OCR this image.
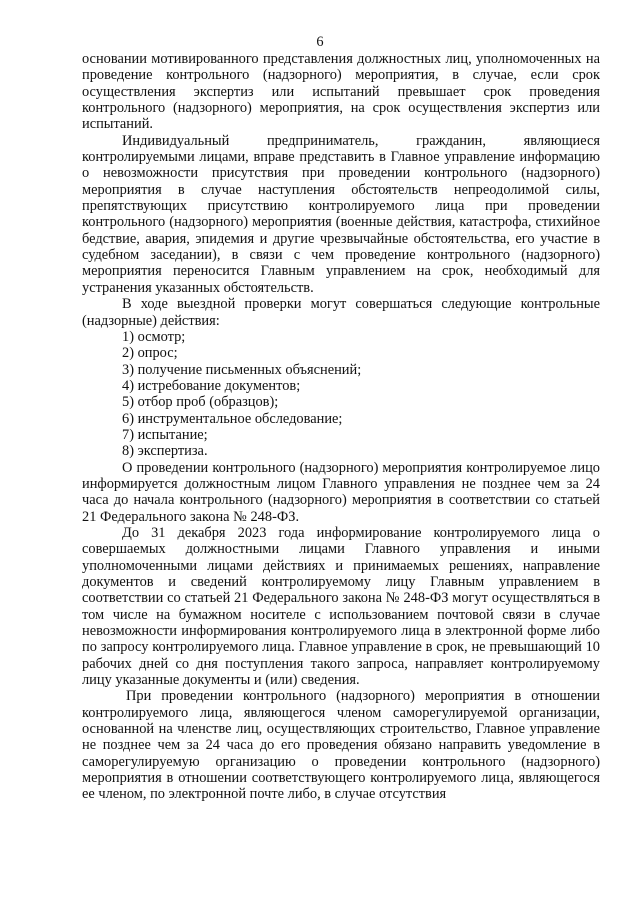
6

основании мотивированного представления должностных лиц, уполномоченных на проведение контрольного (надзорного) мероприятия, в случае, если срок осуществления экспертиз или испытаний превышает срок проведения контрольного (надзорного) мероприятия, на срок осуществления экспертиз или испытаний.

Индивидуальный предприниматель, гражданин, являющиеся контролируемыми лицами, вправе представить в Главное управление информацию о невозможности присутствия при проведении контрольного (надзорного) мероприятия в случае наступления обстоятельств непреодолимой силы, препятствующих присутствию контролируемого лица при проведении контрольного (надзорного) мероприятия (военные действия, катастрофа, стихийное бедствие, авария, эпидемия и другие чрезвычайные обстоятельства, его участие в судебном заседании), в связи с чем проведение контрольного (надзорного) мероприятия переносится Главным управлением на срок, необходимый для устранения указанных обстоятельств.

В ходе выездной проверки могут совершаться следующие контрольные (надзорные) действия:

1) осмотр;

2) опрос;

3) получение письменных объяснений;

4) истребование документов;

5) отбор проб (образцов);

6) инструментальное обследование;

7) испытание;

8) экспертиза.

О проведении контрольного (надзорного) мероприятия контролируемое лицо информируется должностным лицом Главного управления не позднее чем за 24 часа до начала контрольного (надзорного) мероприятия в соответствии со статьей 21 Федерального закона № 248-ФЗ.

До 31 декабря 2023 года информирование контролируемого лица о совершаемых должностными лицами Главного управления и иными уполномоченными лицами действиях и принимаемых решениях, направление документов и сведений контролируемому лицу Главным управлением в соответствии со статьей 21 Федерального закона № 248-ФЗ могут осуществляться в том числе на бумажном носителе с использованием почтовой связи в случае невозможности информирования контролируемого лица в электронной форме либо по запросу контролируемого лица. Главное управление в срок, не превышающий 10 рабочих дней со дня поступления такого запроса, направляет контролируемому лицу указанные документы и (или) сведения.

При проведении контрольного (надзорного) мероприятия в отношении контролируемого лица, являющегося членом саморегулируемой организации, основанной на членстве лиц, осуществляющих строительство, Главное управление не позднее чем за 24 часа до его проведения обязано направить уведомление в саморегулируемую организацию о проведении контрольного (надзорного) мероприятия в отношении соответствующего контролируемого лица, являющегося ее членом, по электронной почте либо, в случае отсутствия
